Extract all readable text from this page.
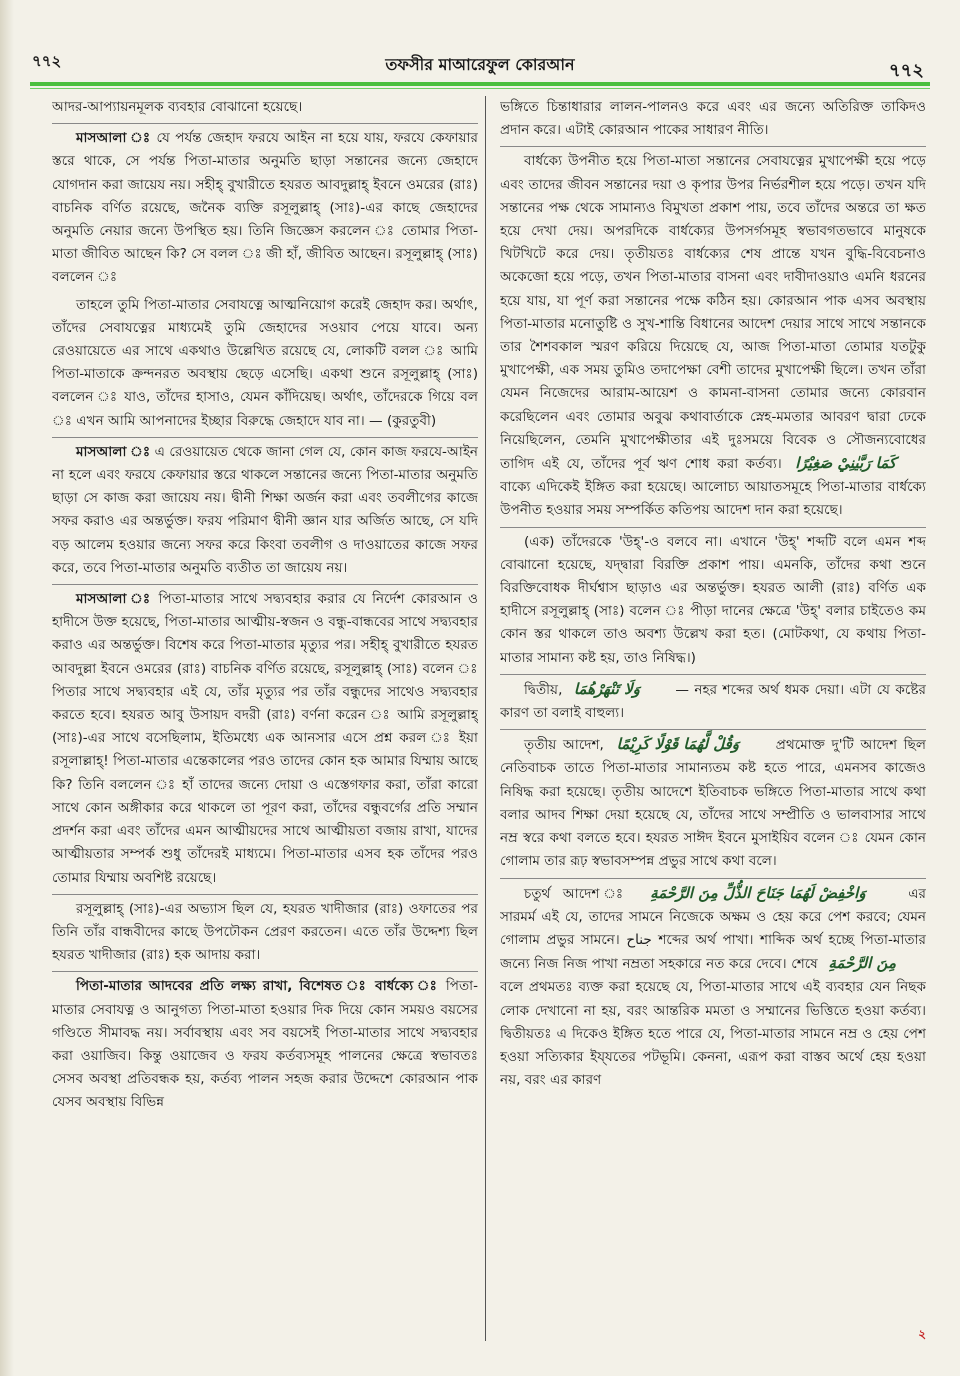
৭৭২	তফসীর মাআরেফুল কোরআন	৭৭২

আদর-আপ্যায়নমূলক ব্যবহার বোঝানো হয়েছে।

মাসআলা ঃ যে পর্যন্ত জেহাদ ফরযে আইন না হয়ে যায়, ফরযে কেফায়ার স্তরে থাকে, সে পর্যন্ত পিতা-মাতার অনুমতি ছাড়া সন্তানের জন্যে জেহাদে যোগদান করা জায়েয নয়। সহীহ্ বুখারীতে হযরত আবদুল্লাহ্ ইবনে ওমরের (রাঃ) বাচনিক বর্ণিত রয়েছে, জনৈক ব্যক্তি রসূলুল্লাহ্ (সাঃ)-এর কাছে জেহাদের অনুমতি নেয়ার জন্যে উপস্থিত হয়। তিনি জিজ্ঞেস করলেন ঃ তোমার পিতা-মাতা জীবিত আছেন কি? সে বলল ঃ জী হাঁ, জীবিত আছেন। রসূলুল্লাহ্ (সাঃ) বললেন ঃ

তাহলে তুমি পিতা-মাতার সেবাযত্নে আত্মনিয়োগ করেই জেহাদ কর। অর্থাৎ, তাঁদের সেবাযত্নের মাধ্যমেই তুমি জেহাদের সওয়াব পেয়ে যাবে। অন্য রেওয়ায়েতে এর সাথে একথাও উল্লেখিত রয়েছে যে, লোকটি বলল ঃ আমি পিতা-মাতাকে ক্রন্দনরত অবস্থায় ছেড়ে এসেছি। একথা শুনে রসূলুল্লাহ্ (সাঃ) বললেন ঃ যাও, তাঁদের হাসাও, যেমন কাঁদিয়েছ। অর্থাৎ, তাঁদেরকে গিয়ে বল ঃ এখন আমি আপনাদের ইচ্ছার বিরুদ্ধে জেহাদে যাব না। — (কুরতুবী)

মাসআলা ঃ এ রেওয়ায়েত থেকে জানা গেল যে, কোন কাজ ফরযে-আইন না হলে এবং ফরযে কেফায়ার স্তরে থাকলে সন্তানের জন্যে পিতা-মাতার অনুমতি ছাড়া সে কাজ করা জায়েয নয়। দ্বীনী শিক্ষা অর্জন করা এবং তবলীগের কাজে সফর করাও এর অন্তর্ভুক্ত। ফরয পরিমাণ দ্বীনী জ্ঞান যার অর্জিত আছে, সে যদি বড় আলেম হওয়ার জন্যে সফর করে কিংবা তবলীগ ও দাওয়াতের কাজে সফর করে, তবে পিতা-মাতার অনুমতি ব্যতীত তা জায়েয নয়।

মাসআলা ঃ পিতা-মাতার সাথে সদ্ব্যবহার করার যে নির্দেশ কোরআন ও হাদীসে উক্ত হয়েছে, পিতা-মাতার আত্মীয়-স্বজন ও বন্ধু-বান্ধবের সাথে সদ্ব্যবহার করাও এর অন্তর্ভুক্ত। বিশেষ করে পিতা-মাতার মৃত্যুর পর। সহীহ্ বুখারীতে হযরত আবদুল্লা ইবনে ওমরের (রাঃ) বাচনিক বর্ণিত রয়েছে, রসূলুল্লাহ্ (সাঃ) বলেন ঃ পিতার সাথে সদ্ব্যবহার এই যে, তাঁর মৃত্যুর পর তাঁর বন্ধুদের সাথেও সদ্ব্যবহার করতে হবে। হযরত আবু উসায়দ বদরী (রাঃ) বর্ণনা করেন ঃ আমি রসূলুল্লাহ্ (সাঃ)-এর সাথে বসেছিলাম, ইতিমধ্যে এক আনসার এসে প্রশ্ন করল ঃ ইয়া রসূলাল্লাহ্! পিতা-মাতার এন্তেকালের পরও তাদের কোন হক আমার যিম্মায় আছে কি? তিনি বললেন ঃ হাঁ তাদের জন্যে দোয়া ও এস্তেগফার করা, তাঁরা কারো সাথে কোন অঙ্গীকার করে থাকলে তা পূরণ করা, তাঁদের বন্ধুবর্গের প্রতি সম্মান প্রদর্শন করা এবং তাঁদের এমন আত্মীয়দের সাথে আত্মীয়তা বজায় রাখা, যাদের আত্মীয়তার সম্পর্ক শুধু তাঁদেরই মাধ্যমে। পিতা-মাতার এসব হক তাঁদের পরও তোমার যিম্মায় অবশিষ্ট রয়েছে।

রসূলুল্লাহ্ (সাঃ)-এর অভ্যাস ছিল যে, হযরত খাদীজার (রাঃ) ওফাতের পর তিনি তাঁর বান্ধবীদের কাছে উপঢৌকন প্রেরণ করতেন। এতে তাঁর উদ্দেশ্য ছিল হযরত খাদীজার (রাঃ) হক আদায় করা।

পিতা-মাতার আদবের প্রতি লক্ষ্য রাখা, বিশেষত ঃ বার্ধক্যে ঃ পিতা-মাতার সেবাযত্ন ও আনুগত্য পিতা-মাতা হওয়ার দিক দিয়ে কোন সময়ও বয়সের গণ্ডিতে সীমাবদ্ধ নয়। সর্বাবস্থায় এবং সব বয়সেই পিতা-মাতার সাথে সদ্ব্যবহার করা ওয়াজিব। কিন্তু ওয়াজেব ও ফরয কর্তব্যসমূহ পালনের ক্ষেত্রে স্বভাবতঃ সেসব অবস্থা প্রতিবন্ধক হয়, কর্তব্য পালন সহজ করার উদ্দেশে কোরআন পাক যেসব অবস্থায় বিভিন্ন

ভঙ্গিতে চিন্তাধারার লালন-পালনও করে এবং এর জন্যে অতিরিক্ত তাকিদও প্রদান করে। এটাই কোরআন পাকের সাধারণ নীতি।

বার্ধক্যে উপনীত হয়ে পিতা-মাতা সন্তানের সেবাযত্নের মুখাপেক্ষী হয়ে পড়ে এবং তাদের জীবন সন্তানের দয়া ও কৃপার উপর নির্ভরশীল হয়ে পড়ে। তখন যদি সন্তানের পক্ষ থেকে সামান্যও বিমুখতা প্রকাশ পায়, তবে তাঁদের অন্তরে তা ক্ষত হয়ে দেখা দেয়। অপরদিকে বার্ধক্যের উপসর্গসমূহ স্বভাবগতভাবে মানুষকে খিটখিটে করে দেয়। তৃতীয়তঃ বার্ধক্যের শেষ প্রান্তে যখন বুদ্ধি-বিবেচনাও অকেজো হয়ে পড়ে, তখন পিতা-মাতার বাসনা এবং দাবীদাওয়াও এমনি ধরনের হয়ে যায়, যা পূর্ণ করা সন্তানের পক্ষে কঠিন হয়। কোরআন পাক এসব অবস্থায় পিতা-মাতার মনোতুষ্টি ও সুখ-শান্তি বিধানের আদেশ দেয়ার সাথে সাথে সন্তানকে তার শৈশবকাল স্মরণ করিয়ে দিয়েছে যে, আজ পিতা-মাতা তোমার যতটুকু মুখাপেক্ষী, এক সময় তুমিও তদাপেক্ষা বেশী তাদের মুখাপেক্ষী ছিলে। তখন তাঁরা যেমন নিজেদের আরাম-আয়েশ ও কামনা-বাসনা তোমার জন্যে কোরবান করেছিলেন এবং তোমার অবুঝ কথাবার্তাকে স্নেহ-মমতার আবরণ দ্বারা ঢেকে নিয়েছিলেন, তেমনি মুখাপেক্ষীতার এই দুঃসময়ে বিবেক ও সৌজন্যবোধের তাগিদ এই যে, তাঁদের পূর্ব ঋণ শোধ করা কর্তব্য। كَمَا رَبَّيٰنِيْ صَغِيْرًا বাক্যে এদিকেই ইঙ্গিত করা হয়েছে। আলোচ্য আয়াতসমূহে পিতা-মাতার বার্ধক্যে উপনীত হওয়ার সময় সম্পর্কিত কতিপয় আদেশ দান করা হয়েছে।

(এক) তাঁদেরকে 'উহ্'-ও বলবে না। এখানে 'উহ্' শব্দটি বলে এমন শব্দ বোঝানো হয়েছে, যদ্দ্বারা বিরক্তি প্রকাশ পায়। এমনকি, তাঁদের কথা শুনে বিরক্তিবোধক দীর্ঘশ্বাস ছাড়াও এর অন্তর্ভুক্ত। হযরত আলী (রাঃ) বর্ণিত এক হাদীসে রসূলুল্লাহ্ (সাঃ) বলেন ঃ পীড়া দানের ক্ষেত্রে 'উহ্' বলার চাইতেও কম কোন স্তর থাকলে তাও অবশ্য উল্লেখ করা হত। (মোটকথা, যে কথায় পিতা-মাতার সামান্য কষ্ট হয়, তাও নিষিদ্ধ।)

দ্বিতীয়, وَلَا تَنْهَرْهُمَا	— নহর শব্দের অর্থ ধমক দেয়া। এটা যে কষ্টের কারণ তা বলাই বাহুল্য।

তৃতীয় আদেশ, وَقُلْ لَّهُمَا قَوْلًا كَرِيْمًا	প্রথমোক্ত দু'টি আদেশ ছিল নেতিবাচক তাতে পিতা-মাতার সামান্যতম কষ্ট হতে পারে, এমনসব কাজেও নিষিদ্ধ করা হয়েছে। তৃতীয় আদেশে ইতিবাচক ভঙ্গিতে পিতা-মাতার সাথে কথা বলার আদব শিক্ষা দেয়া হয়েছে যে, তাঁদের সাথে সম্প্রীতি ও ভালবাসার সাথে নম্র স্বরে কথা বলতে হবে। হযরত সাঈদ ইবনে মুসাইয়িব বলেন ঃ যেমন কোন গোলাম তার রূঢ় স্বভাবসম্পন্ন প্রভুর সাথে কথা বলে।

চতুর্থ আদেশ ঃ وَاخْفِضْ لَهُمَا جَنَاحَ الذُّلِّ مِنَ الرَّحْمَةِ	এর সারমর্ম এই যে, তাদের সামনে নিজেকে অক্ষম ও হেয় করে পেশ করবে; যেমন গোলাম প্রভুর সামনে। جناح শব্দের অর্থ পাখা। শাব্দিক অর্থ হচ্ছে পিতা-মাতার জন্যে নিজ নিজ পাখা নম্রতা সহকারে নত করে দেবে। শেষে مِنَ الرَّحْمَةِ বলে প্রথমতঃ ব্যক্ত করা হয়েছে যে, পিতা-মাতার সাথে এই ব্যবহার যেন নিছক লোক দেখানো না হয়, বরং আন্তরিক মমতা ও সম্মানের ভিত্তিতে হওয়া কর্তব্য। দ্বিতীয়তঃ এ দিকেও ইঙ্গিত হতে পারে যে, পিতা-মাতার সামনে নম্র ও হেয় পেশ হওয়া সত্যিকার ইয্‌যতের পটভূমি। কেননা, এরূপ করা বাস্তব অর্থে হেয় হওয়া নয়, বরং এর কারণ

২
